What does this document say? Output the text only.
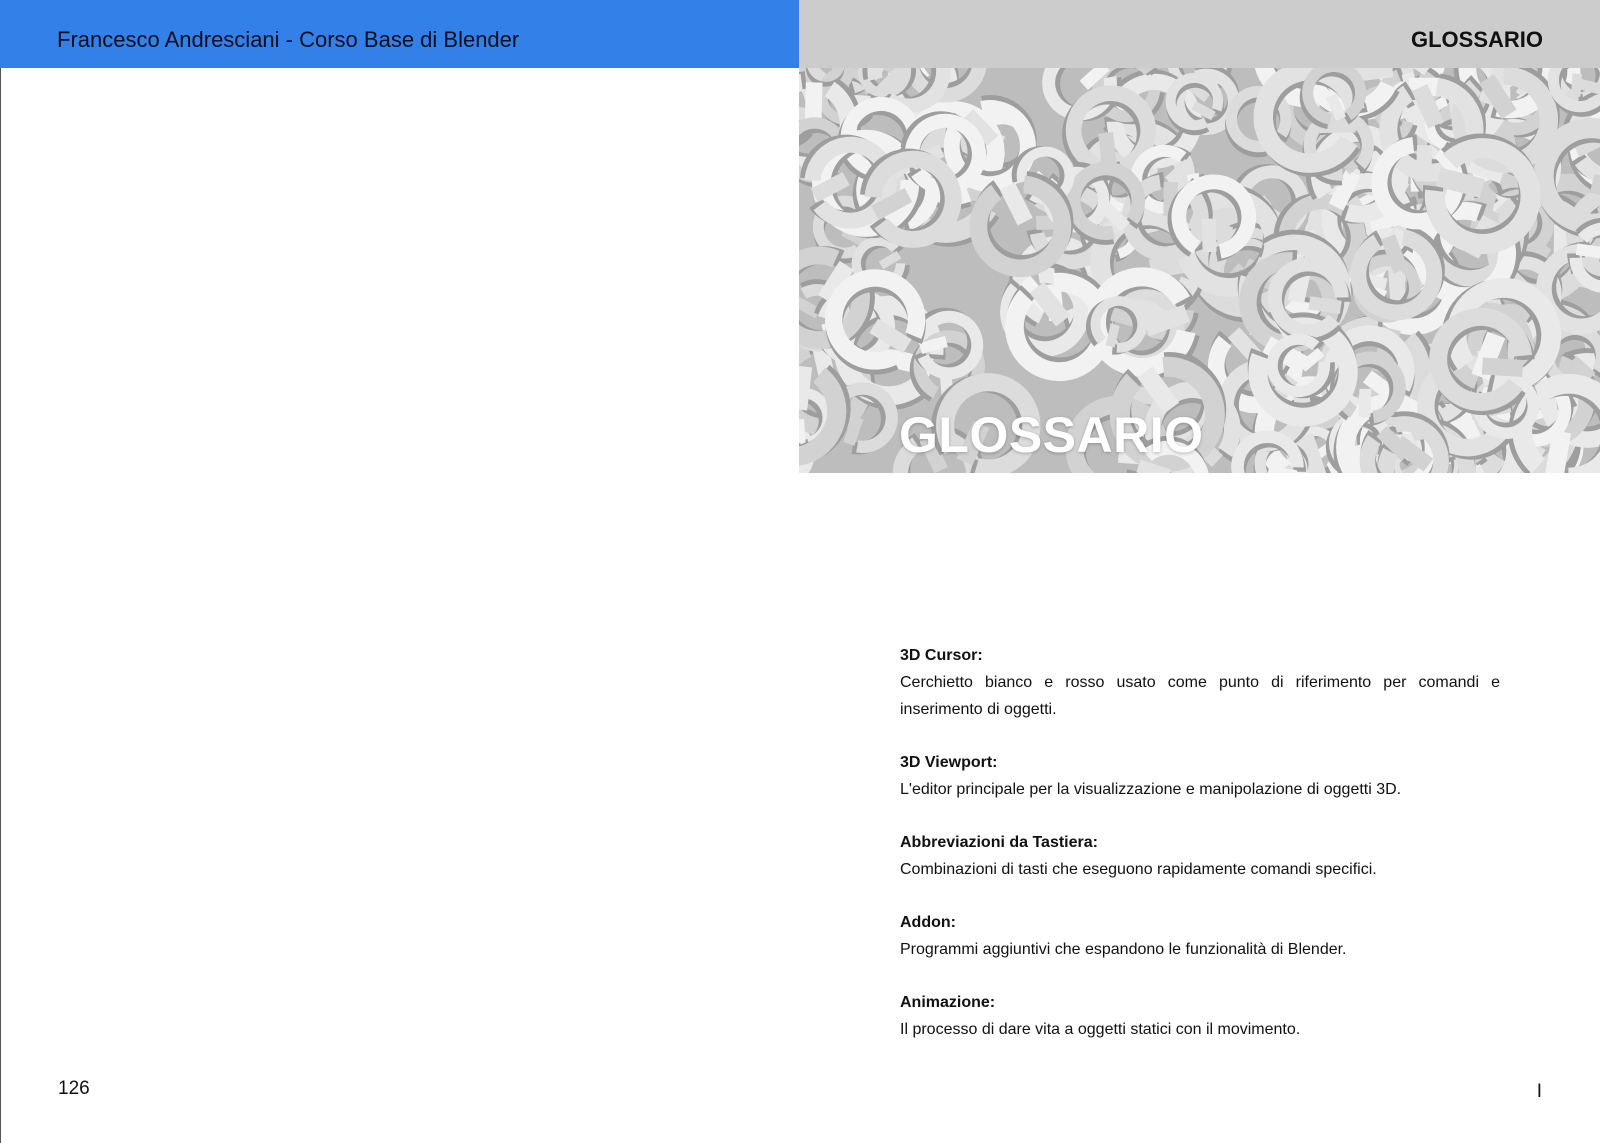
Francesco Andresciani - Corso Base di Blender	GLOSSARIO
GLOSSARIO
3D Cursor:
Cerchietto bianco e rosso usato come punto di riferimento per comandi e inserimento di oggetti.
3D Viewport:
L'editor principale per la visualizzazione e manipolazione di oggetti 3D.
Abbreviazioni da Tastiera:
Combinazioni di tasti che eseguono rapidamente comandi specifici.
Addon:
Programmi aggiuntivi che espandono le funzionalità di Blender.
Animazione:
Il processo di dare vita a oggetti statici con il movimento.
126	I
